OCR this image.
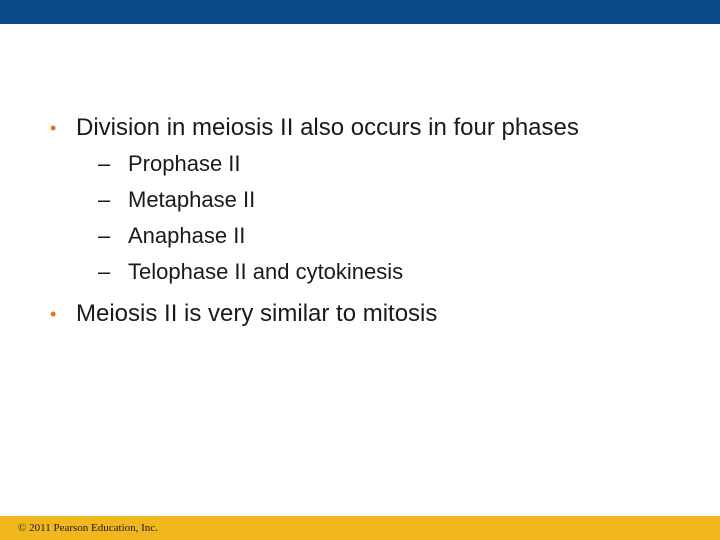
• Division in meiosis II also occurs in four phases
– Prophase II
– Metaphase II
– Anaphase II
– Telophase II and cytokinesis
• Meiosis II is very similar to mitosis
© 2011 Pearson Education, Inc.
